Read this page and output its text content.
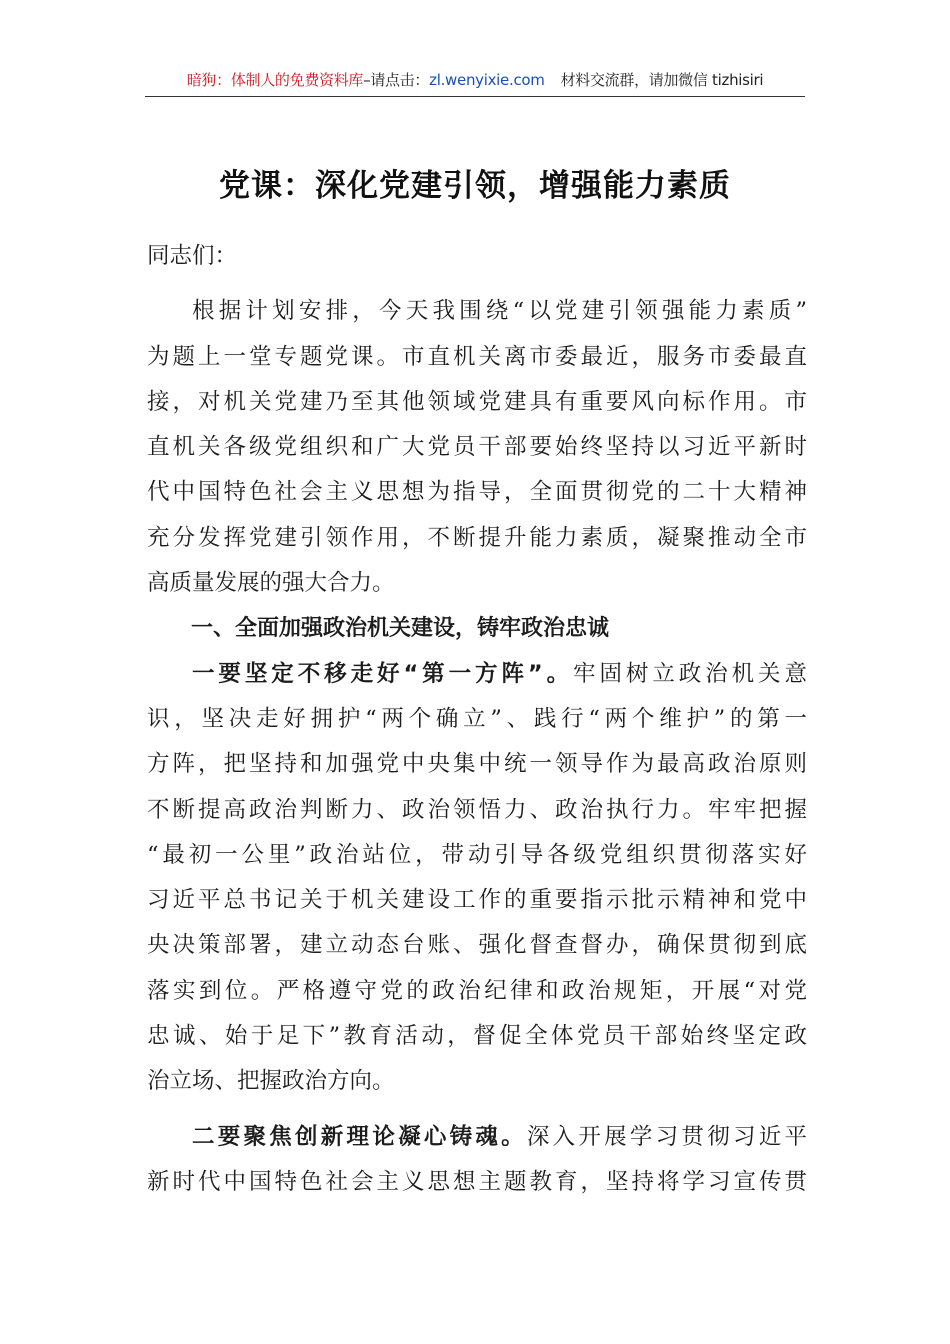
暗狗：体制人的免费资料库–请点击：zl.wenyixie.com 材料交流群，请加微信 tizhisiri
党课：深化党建引领，增强能力素质

同志们：

根据计划安排，今天我围绕“以党建引领强能力素质”

为题上一堂专题党课。市直机关离市委最近，服务市委最直

接，对机关党建乃至其他领域党建具有重要风向标作用。市

直机关各级党组织和广大党员干部要始终坚持以习近平新时

代中国特色社会主义思想为指导，全面贯彻党的二十大精神

充分发挥党建引领作用，不断提升能力素质，凝聚推动全市

高质量发展的强大合力。

一、全面加强政治机关建设，铸牢政治忠诚

一要坚定不移走好“第一方阵”。牢固树立政治机关意

识，坚决走好拥护“两个确立”、践行“两个维护”的第一

方阵，把坚持和加强党中央集中统一领导作为最高政治原则

不断提高政治判断力、政治领悟力、政治执行力。牢牢把握

“最初一公里”政治站位，带动引导各级党组织贯彻落实好

习近平总书记关于机关建设工作的重要指示批示精神和党中

央决策部署，建立动态台账、强化督查督办，确保贯彻到底

落实到位。严格遵守党的政治纪律和政治规矩，开展“对党

忠诚、始于足下”教育活动，督促全体党员干部始终坚定政

治立场、把握政治方向。

二要聚焦创新理论凝心铸魂。深入开展学习贯彻习近平

新时代中国特色社会主义思想主题教育，坚持将学习宣传贯
